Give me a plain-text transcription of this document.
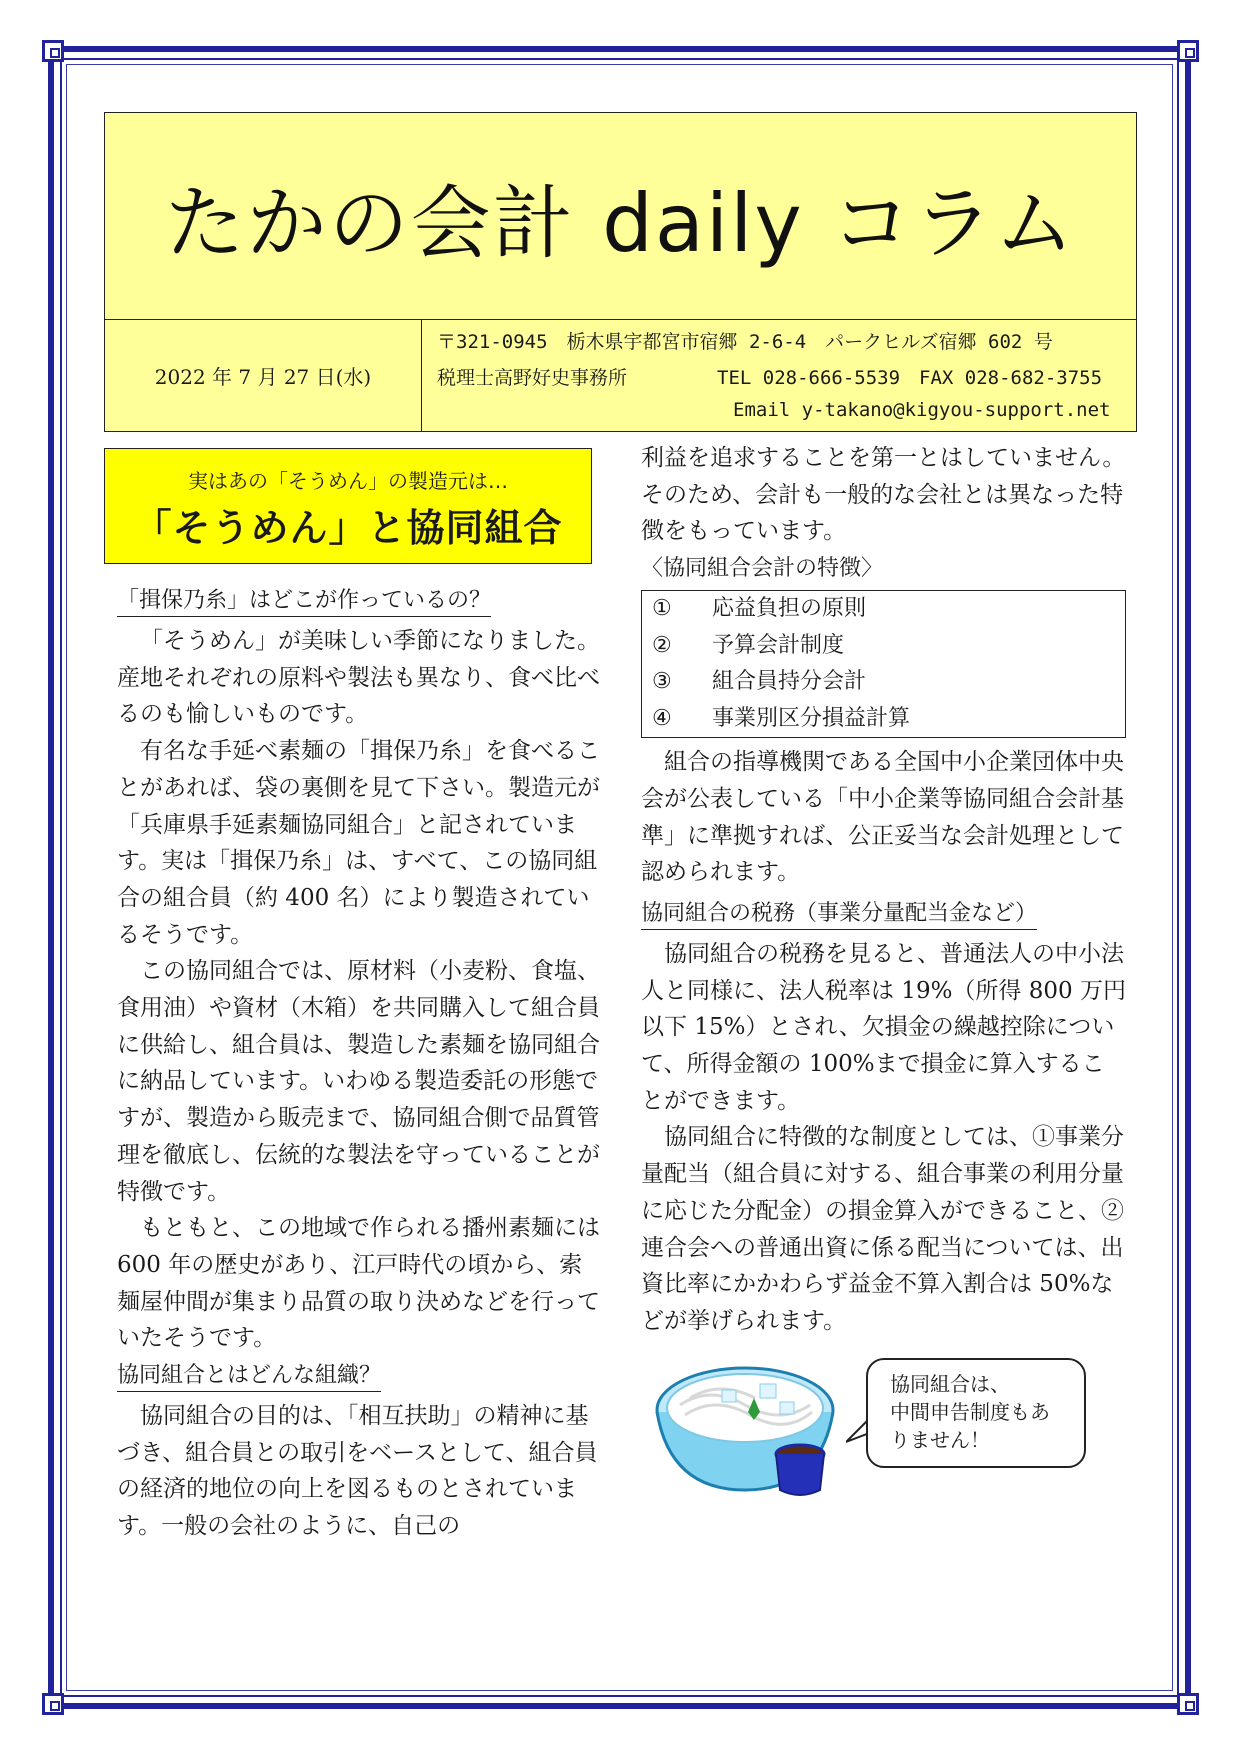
たかの会計 daily コラム
2022 年 7 月 27 日(水)
〒321-0945　栃木県宇都宮市宿郷 2-6-4　パークヒルズ宿郷 602 号
税理士高野好史事務所	TEL 028-666-5539　FAX 028-682-3755
Email y-takano@kigyou-support.net
実はあの「そうめん」の製造元は…
「そうめん」と協同組合
「揖保乃糸」はどこが作っているの？

「そうめん」が美味しい季節になりました。産地それぞれの原料や製法も異なり、食べ比べるのも愉しいものです。

有名な手延べ素麺の「揖保乃糸」を食べることがあれば、袋の裏側を見て下さい。製造元が「兵庫県手延素麺協同組合」と記されています。実は「揖保乃糸」は、すべて、この協同組合の組合員（約 400 名）により製造されているそうです。

この協同組合では、原材料（小麦粉、食塩、食用油）や資材（木箱）を共同購入して組合員に供給し、組合員は、製造した素麺を協同組合に納品しています。いわゆる製造委託の形態ですが、製造から販売まで、協同組合側で品質管理を徹底し、伝統的な製法を守っていることが特徴です。

もともと、この地域で作られる播州素麺には 600 年の歴史があり、江戸時代の頃から、索麺屋仲間が集まり品質の取り決めなどを行っていたそうです。

協同組合とはどんな組織？

協同組合の目的は、「相互扶助」の精神に基づき、組合員との取引をベースとして、組合員の経済的地位の向上を図るものとされています。一般の会社のように、自己の

利益を追求することを第一とはしていません。そのため、会計も一般的な会社とは異なった特徴をもっています。

〈協同組合会計の特徴〉
① 応益負担の原則
② 予算会計制度
③ 組合員持分会計
④ 事業別区分損益計算

組合の指導機関である全国中小企業団体中央会が公表している「中小企業等協同組合会計基準」に準拠すれば、公正妥当な会計処理として認められます。

協同組合の税務（事業分量配当金など）

協同組合の税務を見ると、普通法人の中小法人と同様に、法人税率は 19%（所得 800 万円以下 15%）とされ、欠損金の繰越控除について、所得金額の 100%まで損金に算入することができます。

協同組合に特徴的な制度としては、①事業分量配当（組合員に対する、組合事業の利用分量に応じた分配金）の損金算入ができること、②連合会への普通出資に係る配当については、出資比率にかかわらず益金不算入割合は 50%などが挙げられます。

協同組合は、
中間申告制度もあ
りません！
